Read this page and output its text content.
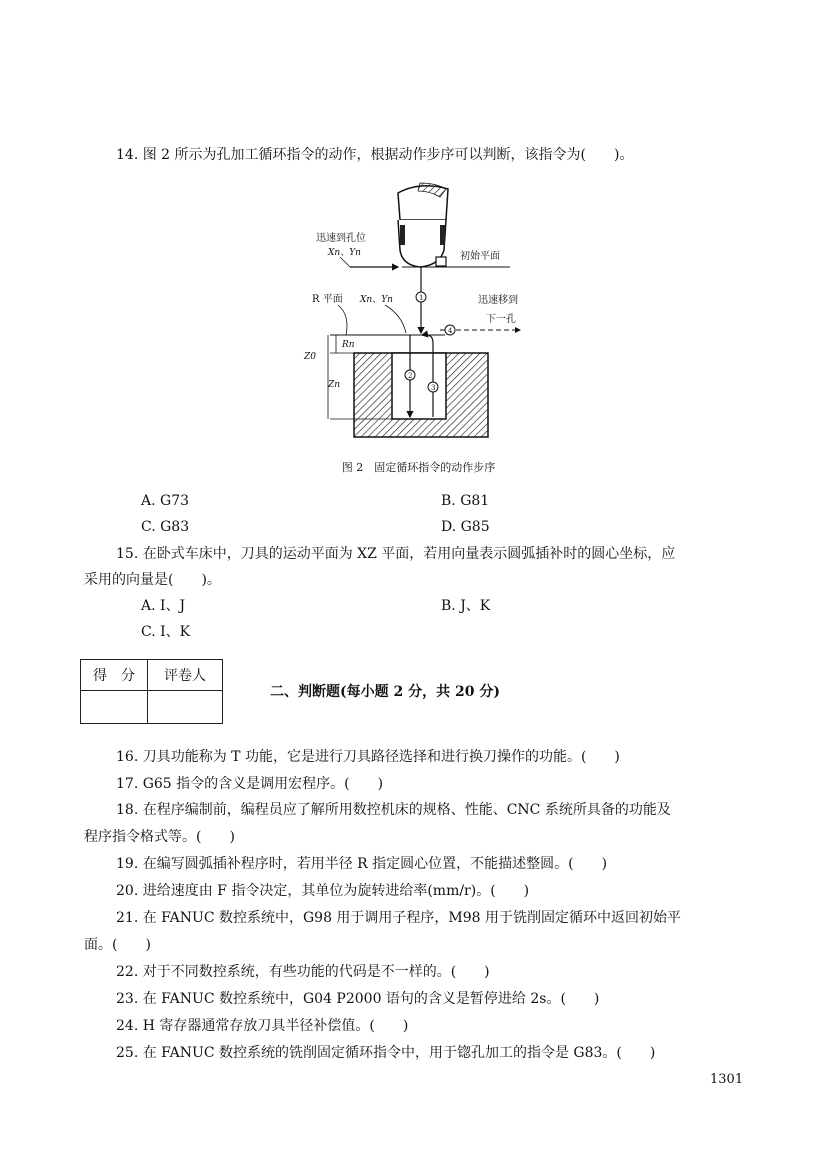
14. 图 2 所示为孔加工循环指令的动作，根据动作步序可以判断，该指令为(　　)。
初始平面
迅速到孔位
Xn、Yn
R 平面 Xn、Yn	1	迅速移到
下一孔
4
2
3
Rn
Z0
Zn
图 2　固定循环指令的动作步序
A. G73	B. G81
C. G83	D. G85
15. 在卧式车床中，刀具的运动平面为 XZ 平面，若用向量表示圆弧插补时的圆心坐标，应
采用的向量是(　　)。
A. I、J	B. J、K
C. I、K
得　分	评卷人

二、判断题(每小题 2 分，共 20 分)
16. 刀具功能称为 T 功能，它是进行刀具路径选择和进行换刀操作的功能。(　　)
17. G65 指令的含义是调用宏程序。(　　)
18. 在程序编制前，编程员应了解所用数控机床的规格、性能、CNC 系统所具备的功能及
程序指令格式等。(　　)
19. 在编写圆弧插补程序时，若用半径 R 指定圆心位置，不能描述整圆。(　　)
20. 进给速度由 F 指令决定，其单位为旋转进给率(mm/r)。(　　)
21. 在 FANUC 数控系统中，G98 用于调用子程序，M98 用于铣削固定循环中返回初始平
面。(　　)
22. 对于不同数控系统，有些功能的代码是不一样的。(　　)
23. 在 FANUC 数控系统中，G04 P2000 语句的含义是暂停进给 2s。(　　)
24. H 寄存器通常存放刀具半径补偿值。(　　)
25. 在 FANUC 数控系统的铣削固定循环指令中，用于锪孔加工的指令是 G83。(　　)
1301
